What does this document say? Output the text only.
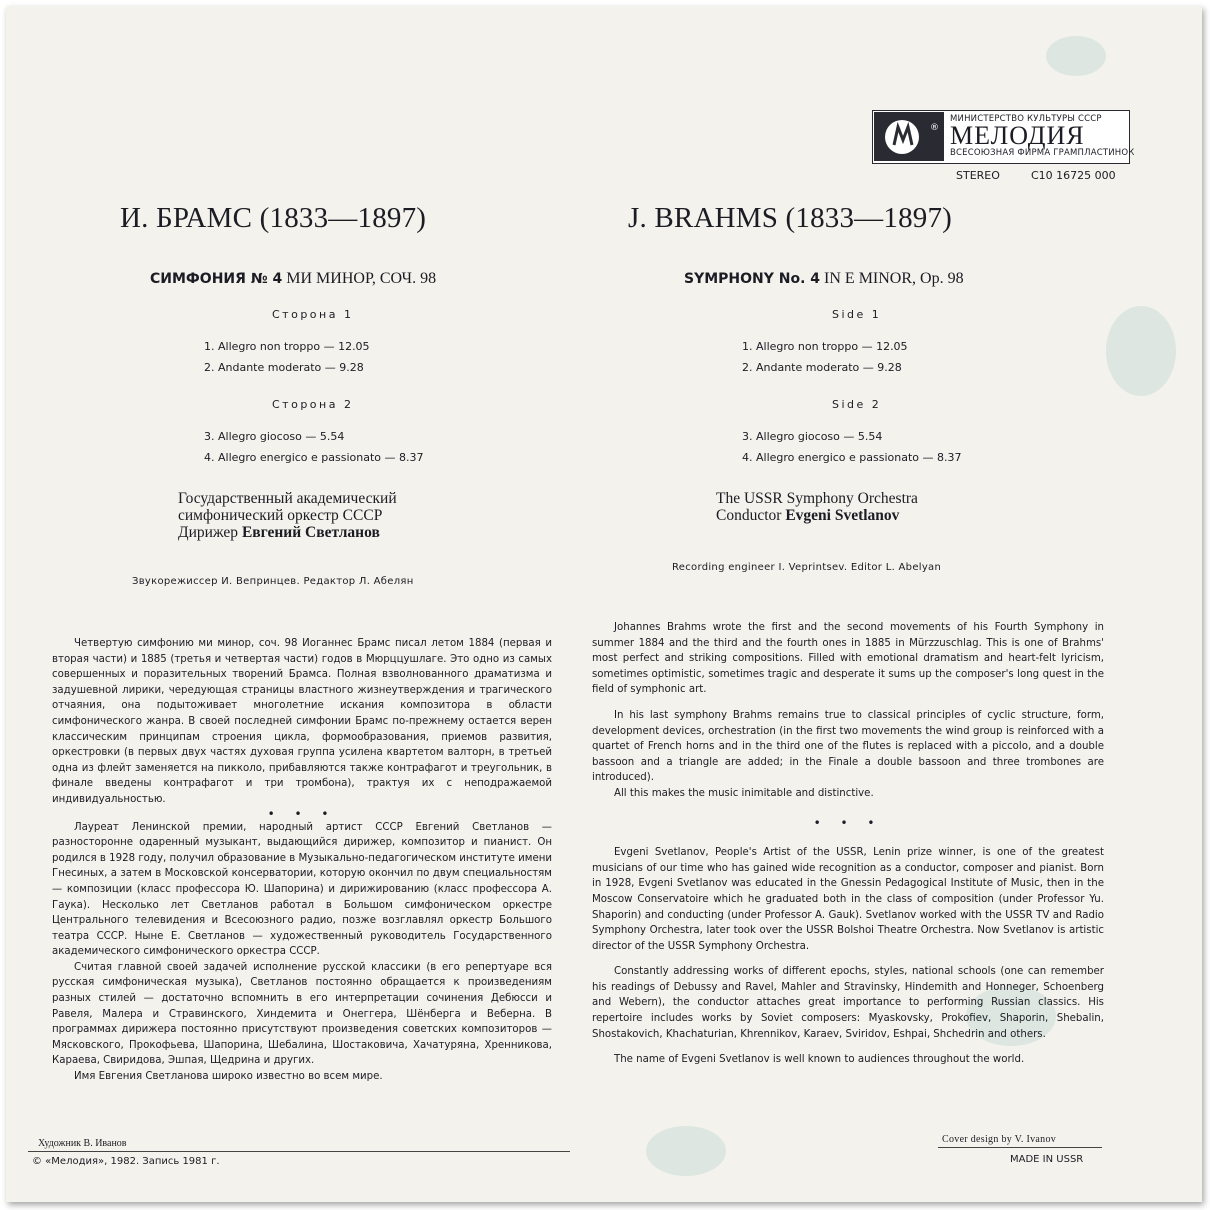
®
МИНИСТЕРСТВО КУЛЬТУРЫ СССР
МЕЛОДИЯ
ВСЕСОЮЗНАЯ ФИРМА ГРАМПЛАСТИНОК
STEREO	С10 16725 000
И. БРАМС (1833—1897)	J. BRAHMS (1833—1897)
СИМФОНИЯ № 4 МИ МИНОР, СОЧ. 98	SYMPHONY No. 4 IN E MINOR, Op. 98
Сторона 1
1. Allegro non troppo — 12.05
2. Andante moderato — 9.28
Сторона 2
3. Allegro giocoso — 5.54
4. Allegro energico e passionato — 8.37
Side 1
1. Allegro non troppo — 12.05
2. Andante moderato — 9.28
Side 2
3. Allegro giocoso — 5.54
4. Allegro energico e passionato — 8.37
Государственный академический
симфонический оркестр СССР
Дирижер Евгений Светланов
The USSR Symphony Orchestra
Conductor Evgeni Svetlanov
Звукорежиссер И. Вепринцев. Редактор Л. Абелян
Recording engineer I. Veprintsev. Editor L. Abelyan

Четвертую симфонию ми минор, соч. 98 Иоганнес Брамс писал летом 1884 (первая и вторая части) и 1885 (третья и четвертая части) годов в Мюрццушлаге. Это одно из самых совершенных и поразительных творений Брамса. Полная взволнованного драматизма и задушевной лирики, чередующая страницы властного жизнеутверждения и трагического отчаяния, она подытоживает многолетние искания композитора в области симфонического жанра. В своей последней симфонии Брамс по-прежнему остается верен классическим принципам строения цикла, формообразования, приемов развития, оркестровки (в первых двух частях духовая группа усилена квартетом валторн, в третьей одна из флейт заменяется на пикколо, прибавляются также контрафагот и треугольник, в финале введены контрафагот и три тромбона), трактуя их с неподражаемой индивидуальностью.

• • •

Лауреат Ленинской премии, народный артист СССР Евгений Светланов — разносторонне одаренный музыкант, выдающийся дирижер, композитор и пианист. Он родился в 1928 году, получил образование в Музыкально-педагогическом институте имени Гнесиных, а затем в Московской консерватории, которую окончил по двум специальностям — композиции (класс профессора Ю. Шапорина) и дирижированию (класс профессора А. Гаука). Несколько лет Светланов работал в Большом симфоническом оркестре Центрального телевидения и Всесоюзного радио, позже возглавлял оркестр Большого театра СССР. Ныне Е. Светланов — художественный руководитель Государственного академического симфонического оркестра СССР.

Считая главной своей задачей исполнение русской классики (в его репертуаре вся русская симфоническая музыка), Светланов постоянно обращается к произведениям разных стилей — достаточно вспомнить в его интерпретации сочинения Дебюсси и Равеля, Малера и Стравинского, Хиндемита и Онеггера, Шёнберга и Веберна. В программах дирижера постоянно присутствуют произведения советских композиторов — Мясковского, Прокофьева, Шапорина, Шебалина, Шостаковича, Хачатуряна, Хренникова, Караева, Свиридова, Эшпая, Щедрина и других.

Имя Евгения Светланова широко известно во всем мире.

Johannes Brahms wrote the first and the second movements of his Fourth Symphony in summer 1884 and the third and the fourth ones in 1885 in Mürzzuschlag. This is one of Brahms' most perfect and striking compositions. Filled with emotional dramatism and heart-felt lyricism, sometimes optimistic, sometimes tragic and desperate it sums up the composer's long quest in the field of symphonic art.

In his last symphony Brahms remains true to classical principles of cyclic structure, form, development devices, orchestration (in the first two movements the wind group is reinforced with a quartet of French horns and in the third one of the flutes is replaced with a piccolo, and a double bassoon and a triangle are added; in the Finale a double bassoon and three trombones are introduced).

All this makes the music inimitable and distinctive.

• • •

Evgeni Svetlanov, People's Artist of the USSR, Lenin prize winner, is one of the greatest musicians of our time who has gained wide recognition as a conductor, composer and pianist. Born in 1928, Evgeni Svetlanov was educated in the Gnessin Pedagogical Institute of Music, then in the Moscow Conservatoire which he graduated both in the class of composition (under Professor Yu. Shaporin) and conducting (under Professor A. Gauk). Svetlanov worked with the USSR TV and Radio Symphony Orchestra, later took over the USSR Bolshoi Theatre Orchestra. Now Svetlanov is artistic director of the USSR Symphony Orchestra.

Constantly addressing works of different epochs, styles, national schools (one can remember his readings of Debussy and Ravel, Mahler and Stravinsky, Hindemith and Honneger, Schoenberg and Webern), the conductor attaches great importance to performing Russian classics. His repertoire includes works by Soviet composers: Myaskovsky, Prokofiev, Shaporin, Shebalin, Shostakovich, Khachaturian, Khrennikov, Karaev, Sviridov, Eshpai, Shchedrin and others.

The name of Evgeni Svetlanov is well known to audiences throughout the world.

Художник В. Иванов	Cover design by V. Ivanov
© «Мелодия», 1982. Запись 1981 г.	MADE IN USSR
